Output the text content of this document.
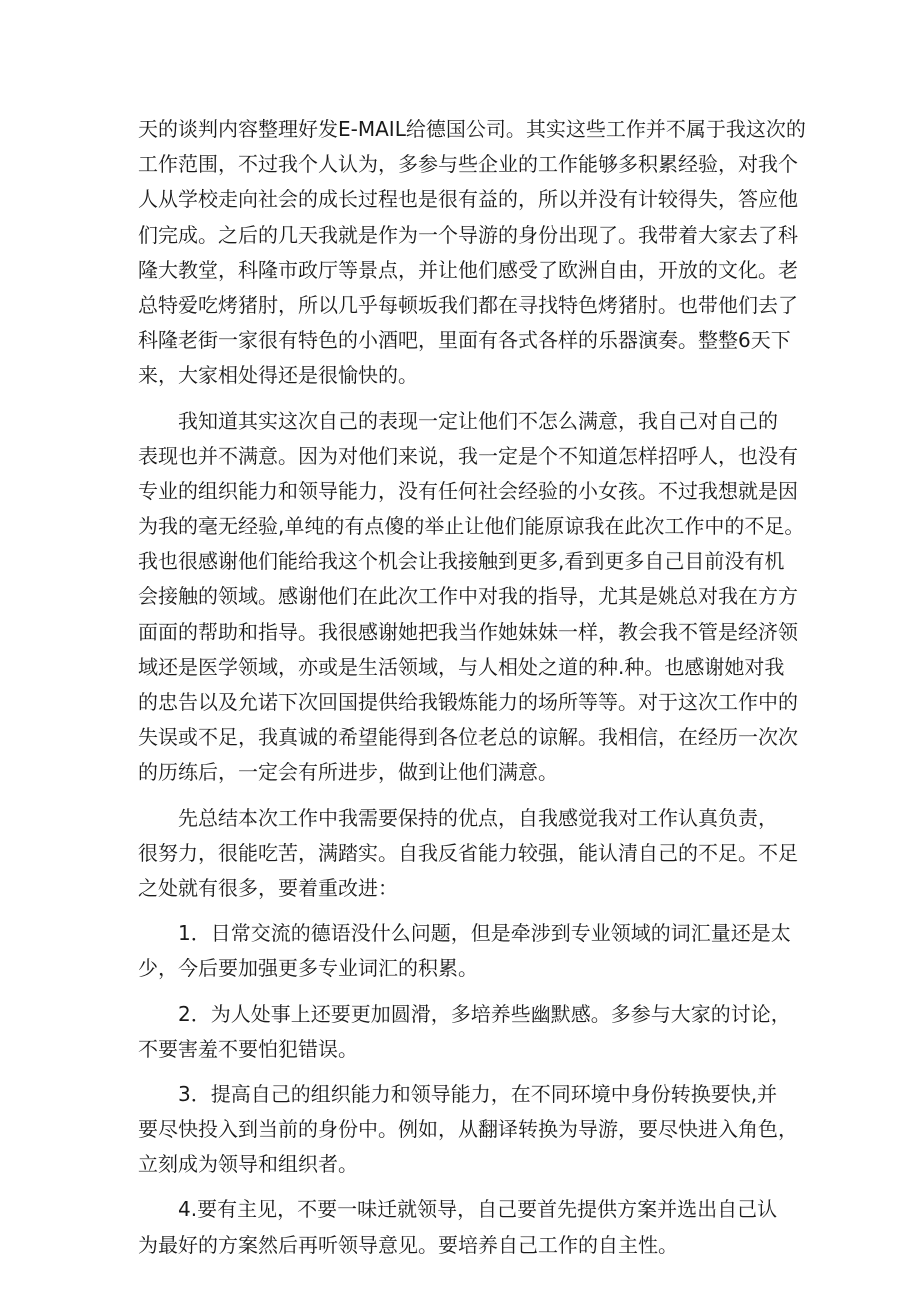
天的谈判内容整理好发E-MAIL给德国公司。其实这些工作并不属于我这次的
工作范围，不过我个人认为，多参与些企业的工作能够多积累经验，对我个
人从学校走向社会的成长过程也是很有益的，所以并没有计较得失，答应他
们完成。之后的几天我就是作为一个导游的身份出现了。我带着大家去了科
隆大教堂，科隆市政厅等景点，并让他们感受了欧洲自由，开放的文化。老
总特爱吃烤猪肘，所以几乎每顿坂我们都在寻找特色烤猪肘。也带他们去了
科隆老街一家很有特色的小酒吧，里面有各式各样的乐器演奏。整整6天下
来，大家相处得还是很愉快的。
我知道其实这次自己的表现一定让他们不怎么满意，我自己对自己的
表现也并不满意。因为对他们来说，我一定是个不知道怎样招呼人，也没有
专业的组织能力和领导能力，没有任何社会经验的小女孩。不过我想就是因
为我的毫无经验,单纯的有点傻的举止让他们能原谅我在此次工作中的不足。
我也很感谢他们能给我这个机会让我接触到更多,看到更多自己目前没有机
会接触的领域。感谢他们在此次工作中对我的指导，尤其是姚总对我在方方
面面的帮助和指导。我很感谢她把我当作她妹妹一样，教会我不管是经济领
域还是医学领域，亦或是生活领域，与人相处之道的种.种。也感谢她对我
的忠告以及允诺下次回国提供给我锻炼能力的场所等等。对于这次工作中的
失误或不足，我真诚的希望能得到各位老总的谅解。我相信，在经历一次次
的历练后，一定会有所进步，做到让他们满意。
先总结本次工作中我需要保持的优点，自我感觉我对工作认真负责，
很努力，很能吃苦，满踏实。自我反省能力较强，能认清自己的不足。不足
之处就有很多，要着重改进：
1．日常交流的德语没什么问题，但是牵涉到专业领域的词汇量还是太
少，今后要加强更多专业词汇的积累。
2．为人处事上还要更加圆滑，多培养些幽默感。多参与大家的讨论，
不要害羞不要怕犯错误。
3．提高自己的组织能力和领导能力，在不同环境中身份转换要快,并
要尽快投入到当前的身份中。例如，从翻译转换为导游，要尽快进入角色，
立刻成为领导和组织者。
4.要有主见，不要一味迁就领导，自己要首先提供方案并选出自己认
为最好的方案然后再听领导意见。要培养自己工作的自主性。
